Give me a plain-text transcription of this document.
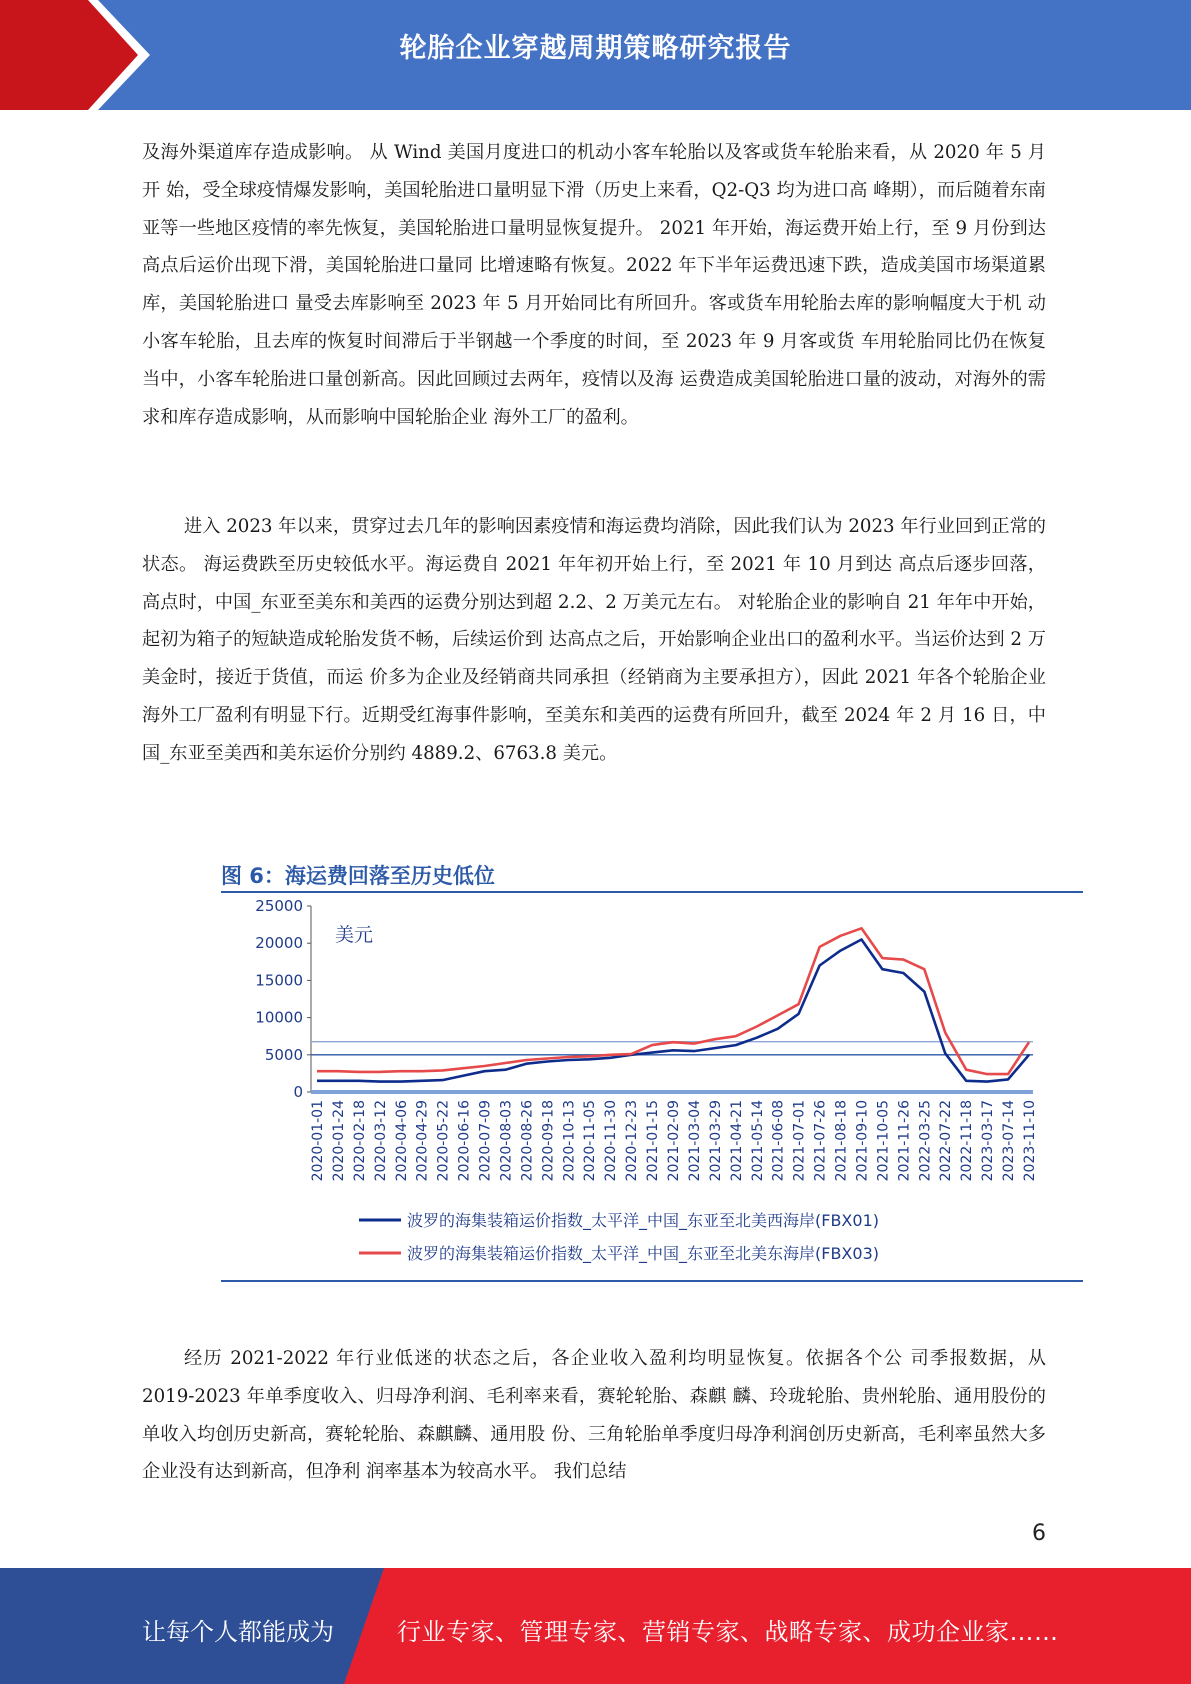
轮胎企业穿越周期策略研究报告

及海外渠道库存造成影响。 从 Wind 美国月度进口的机动小客车轮胎以及客或货车轮胎来看，从 2020 年 5 月开 始，受全球疫情爆发影响，美国轮胎进口量明显下滑（历史上来看，Q2-Q3 均为进口高 峰期），而后随着东南亚等一些地区疫情的率先恢复，美国轮胎进口量明显恢复提升。 2021 年开始，海运费开始上行，至 9 月份到达高点后运价出现下滑，美国轮胎进口量同 比增速略有恢复。2022 年下半年运费迅速下跌，造成美国市场渠道累库，美国轮胎进口 量受去库影响至 2023 年 5 月开始同比有所回升。客或货车用轮胎去库的影响幅度大于机 动小客车轮胎，且去库的恢复时间滞后于半钢越一个季度的时间，至 2023 年 9 月客或货 车用轮胎同比仍在恢复当中，小客车轮胎进口量创新高。因此回顾过去两年，疫情以及海 运费造成美国轮胎进口量的波动，对海外的需求和库存造成影响，从而影响中国轮胎企业 海外工厂的盈利。

进入 2023 年以来，贯穿过去几年的影响因素疫情和海运费均消除，因此我们认为 2023 年行业回到正常的状态。 海运费跌至历史较低水平。海运费自 2021 年年初开始上行，至 2021 年 10 月到达 高点后逐步回落，高点时，中国_东亚至美东和美西的运费分别达到超 2.2、2 万美元左右。 对轮胎企业的影响自 21 年年中开始，起初为箱子的短缺造成轮胎发货不畅，后续运价到 达高点之后，开始影响企业出口的盈利水平。当运价达到 2 万美金时，接近于货值，而运 价多为企业及经销商共同承担（经销商为主要承担方），因此 2021 年各个轮胎企业海外工厂盈利有明显下行。近期受红海事件影响，至美东和美西的运费有所回升，截至 2024 年 2 月 16 日，中国_东亚至美西和美东运价分别约 4889.2、6763.8 美元。

图 6：海运费回落至历史低位
25000
20000
15000
10000
5000
0
美元
2020-01-01 2020-01-24 2020-02-18 2020-03-12 2020-04-06 2020-04-29 2020-05-22 2020-06-16 2020-07-09 2020-08-03 2020-08-26 2020-09-18 2020-10-13 2020-11-05 2020-11-30 2020-12-23 2021-01-15 2021-02-09 2021-03-04 2021-03-29 2021-04-21 2021-05-14 2021-06-08 2021-07-01 2021-07-26 2021-08-18 2021-09-10 2021-10-05 2021-11-26 2022-03-25 2022-07-22 2022-11-18 2023-03-17 2023-07-14 2023-11-10
波罗的海集装箱运价指数_太平洋_中国_东亚至北美西海岸(FBX01)
波罗的海集装箱运价指数_太平洋_中国_东亚至北美东海岸(FBX03)

经历 2021-2022 年行业低迷的状态之后，各企业收入盈利均明显恢复。依据各个公 司季报数据，从 2019-2023 年单季度收入、归母净利润、毛利率来看，赛轮轮胎、森麒 麟、玲珑轮胎、贵州轮胎、通用股份的单收入均创历史新高，赛轮轮胎、森麒麟、通用股 份、三角轮胎单季度归母净利润创历史新高，毛利率虽然大多企业没有达到新高，但净利 润率基本为较高水平。 我们总结

6
让每个人都能成为	行业专家、管理专家、营销专家、战略专家、成功企业家……
